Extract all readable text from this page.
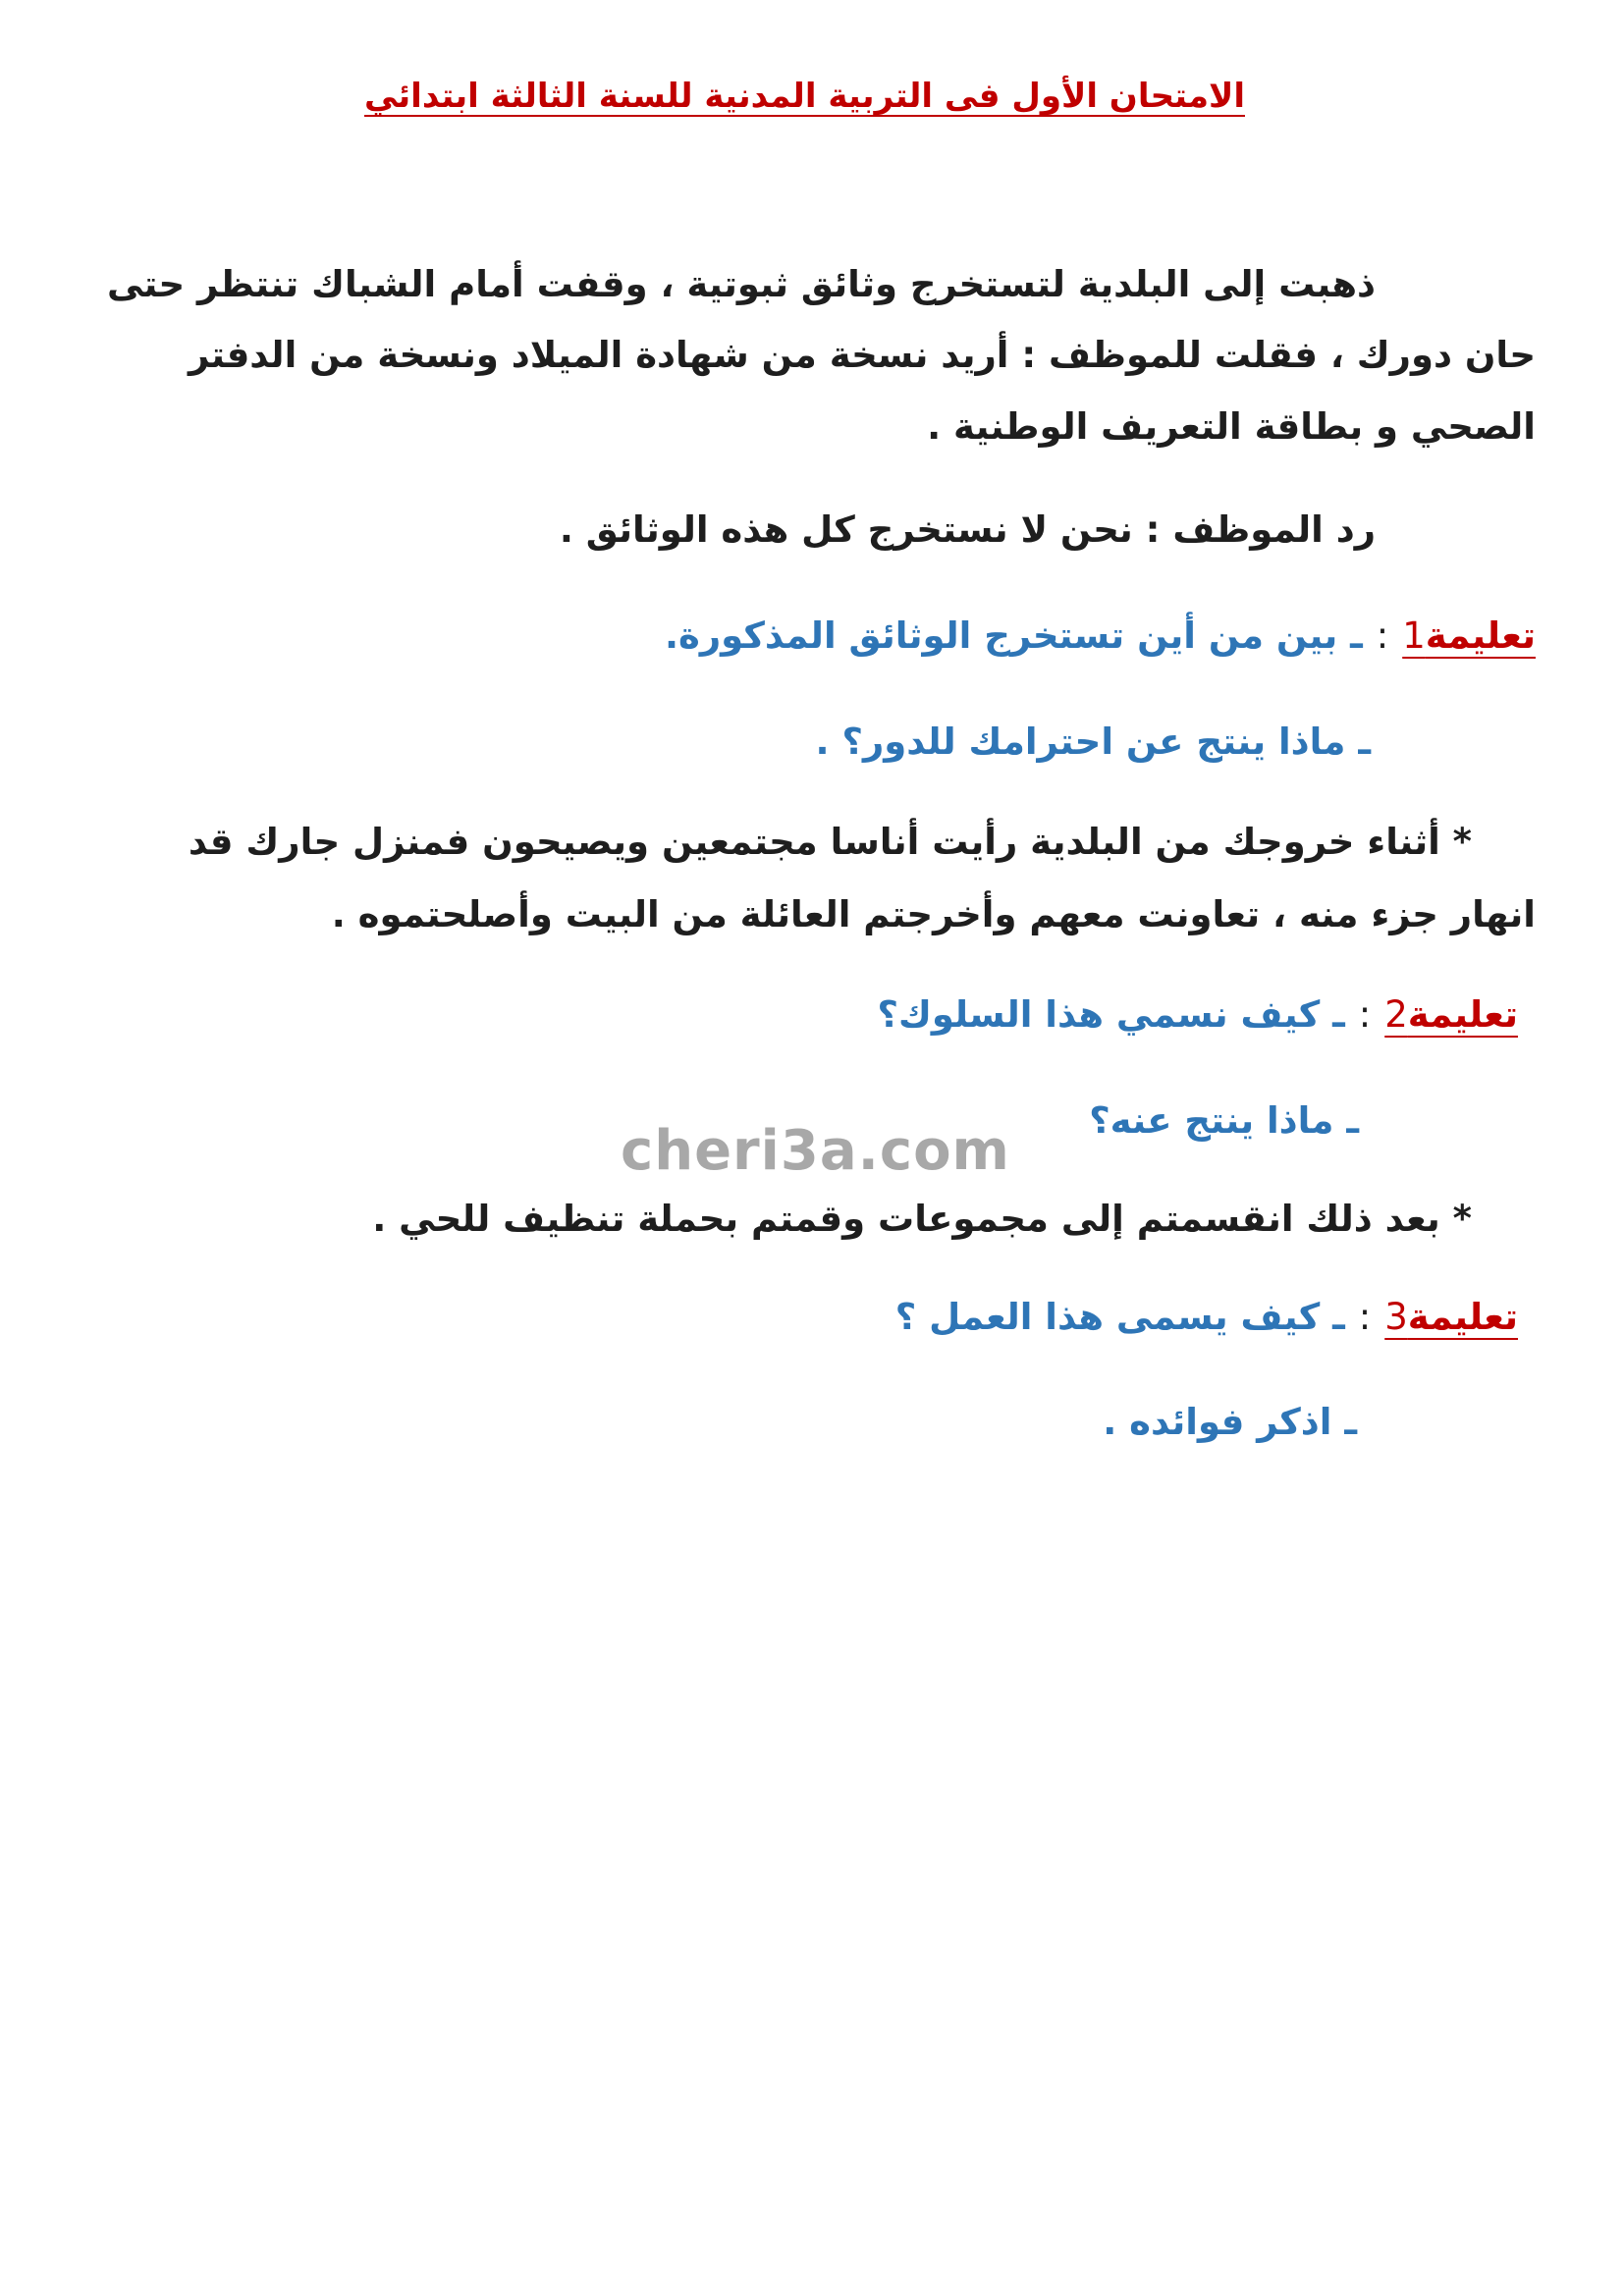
الامتحان الأول فى التربية المدنية للسنة الثالثة ابتدائي
ذهبت إلى البلدية لتستخرج وثائق ثبوتية ، وقفت أمام الشباك تنتظر حتى
حان دورك ، فقلت للموظف : أريد نسخة من شهادة الميلاد ونسخة من الدفتر
الصحي و بطاقة التعريف الوطنية .
رد الموظف : نحن لا نستخرج كل هذه الوثائق .
تعليمة1:ـ بين من أين تستخرج الوثائق المذكورة.
ـ ماذا ينتج عن احترامك للدور؟ .
* أثناء خروجك من البلدية رأيت أناسا مجتمعين ويصيحون فمنزل جارك قد
انهار جزء منه ، تعاونت معهم وأخرجتم العائلة من البيت وأصلحتموه .
تعليمة2:ـ كيف نسمي هذا السلوك؟
ـ ماذا ينتج عنه؟
cheri3a.com
* بعد ذلك انقسمتم إلى مجموعات وقمتم بحملة تنظيف للحي .
تعليمة3:ـ كيف يسمى هذا العمل ؟
ـ اذكر فوائده .
